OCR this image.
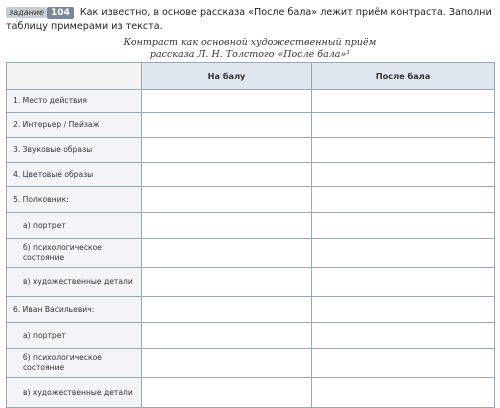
задание 104 Как известно, в основе рассказа «После бала» лежит приём контраста. Заполни таблицу примерами из текста.
Контраст как основной художественный приём
рассказа Л. Н. Толстого «После бала»¹
	На балу	После бала
1. Место действия		
2. Интерьер / Пейзаж		
3. Звуковые образы		
4. Цветовые образы		
5. Полковник:		
а) портрет		
б) психологическое состояние		
в) художественные детали		
6. Иван Васильевич:		
а) портрет		
б) психологическое состояние		
в) художественные детали		
